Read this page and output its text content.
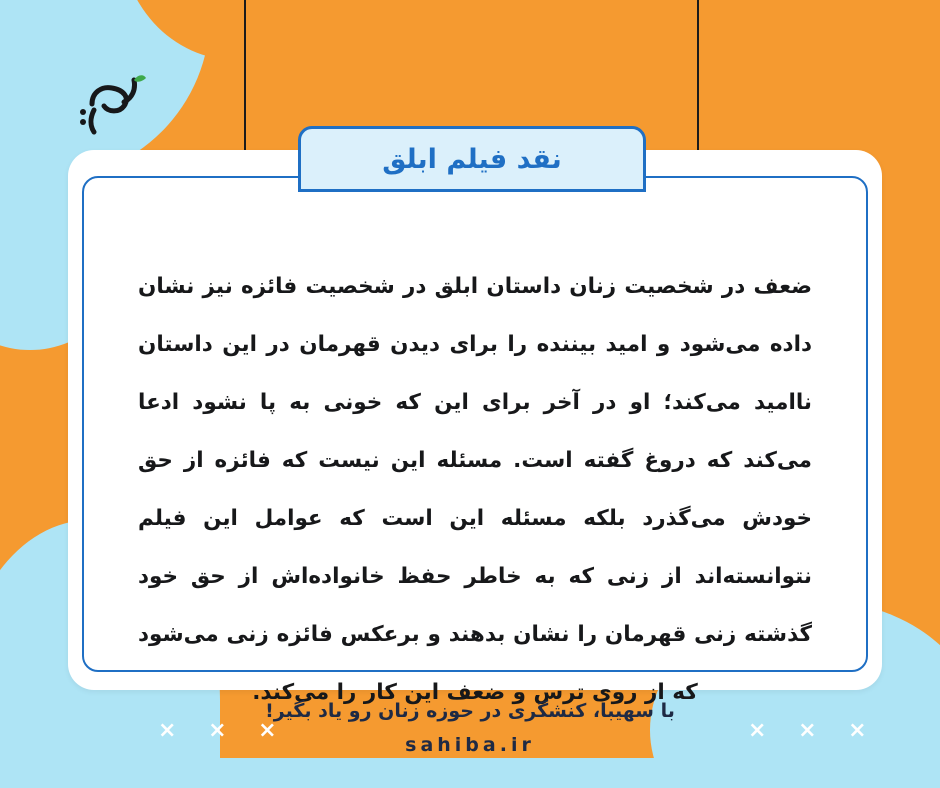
ضعف در شخصیت زنان داستان ابلق در شخصیت فائزه نیز نشان داده می‌شود و امید بیننده را برای دیدن قهرمان در این داستان ناامید می‌کند؛ او در آخر برای این که خونی به پا نشود ادعا می‌کند که دروغ گفته است. مسئله این نیست که فائزه از حق خودش می‌گذرد بلکه مسئله این است که عوامل این فیلم نتوانسته‌اند از زنی که به خاطر حفظ خانواده‌اش از حق خود گذشته زنی قهرمان را نشان بدهند و برعکس فائزه زنی می‌شود که از روی ترس و ضعف این کار را می‌کند.
نقد فیلم ابلق
× × ×	× × ×
با سهیبا، کنشگری در حوزه زنان رو یاد بگیر!
sahiba.ir
